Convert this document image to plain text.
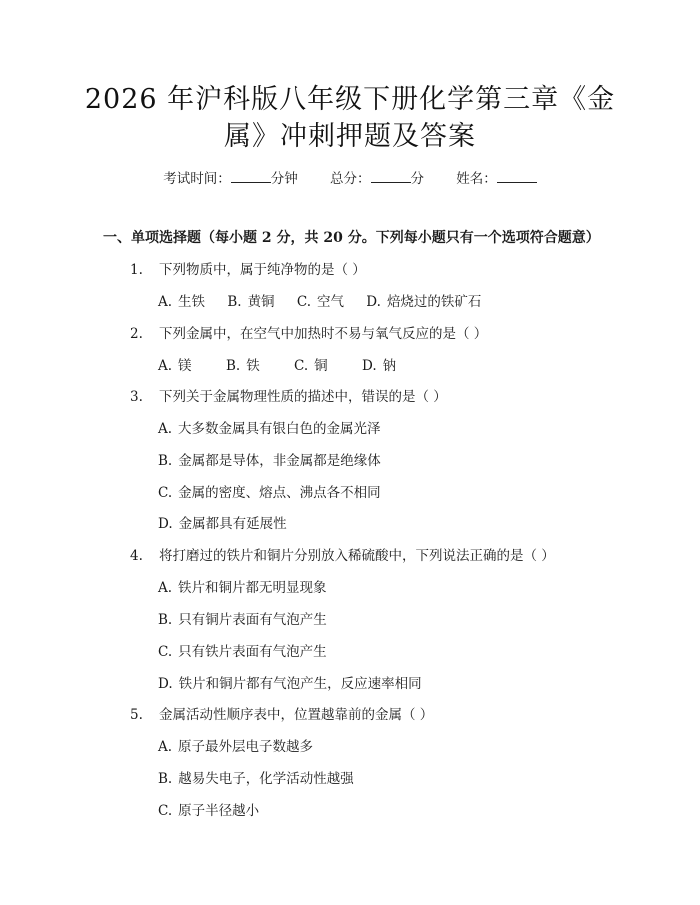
2026 年沪科版八年级下册化学第三章《金
属》冲刺押题及答案
考试时间：	分钟 总分：	分 姓名：
一、单项选择题（每小题 2 分，共 20 分。下列每小题只有一个选项符合题意）
1. 下列物质中，属于纯净物的是（ ）
A. 生铁 B. 黄铜 C. 空气 D. 焙烧过的铁矿石
2. 下列金属中，在空气中加热时不易与氧气反应的是（ ）
A. 镁	B. 铁	C. 铜	D. 钠
3. 下列关于金属物理性质的描述中，错误的是（ ）
A. 大多数金属具有银白色的金属光泽
B. 金属都是导体，非金属都是绝缘体
C. 金属的密度、熔点、沸点各不相同
D. 金属都具有延展性
4. 将打磨过的铁片和铜片分别放入稀硫酸中，下列说法正确的是（ ）
A. 铁片和铜片都无明显现象
B. 只有铜片表面有气泡产生
C. 只有铁片表面有气泡产生
D. 铁片和铜片都有气泡产生，反应速率相同
5. 金属活动性顺序表中，位置越靠前的金属（ ）
A. 原子最外层电子数越多
B. 越易失电子，化学活动性越强
C. 原子半径越小
